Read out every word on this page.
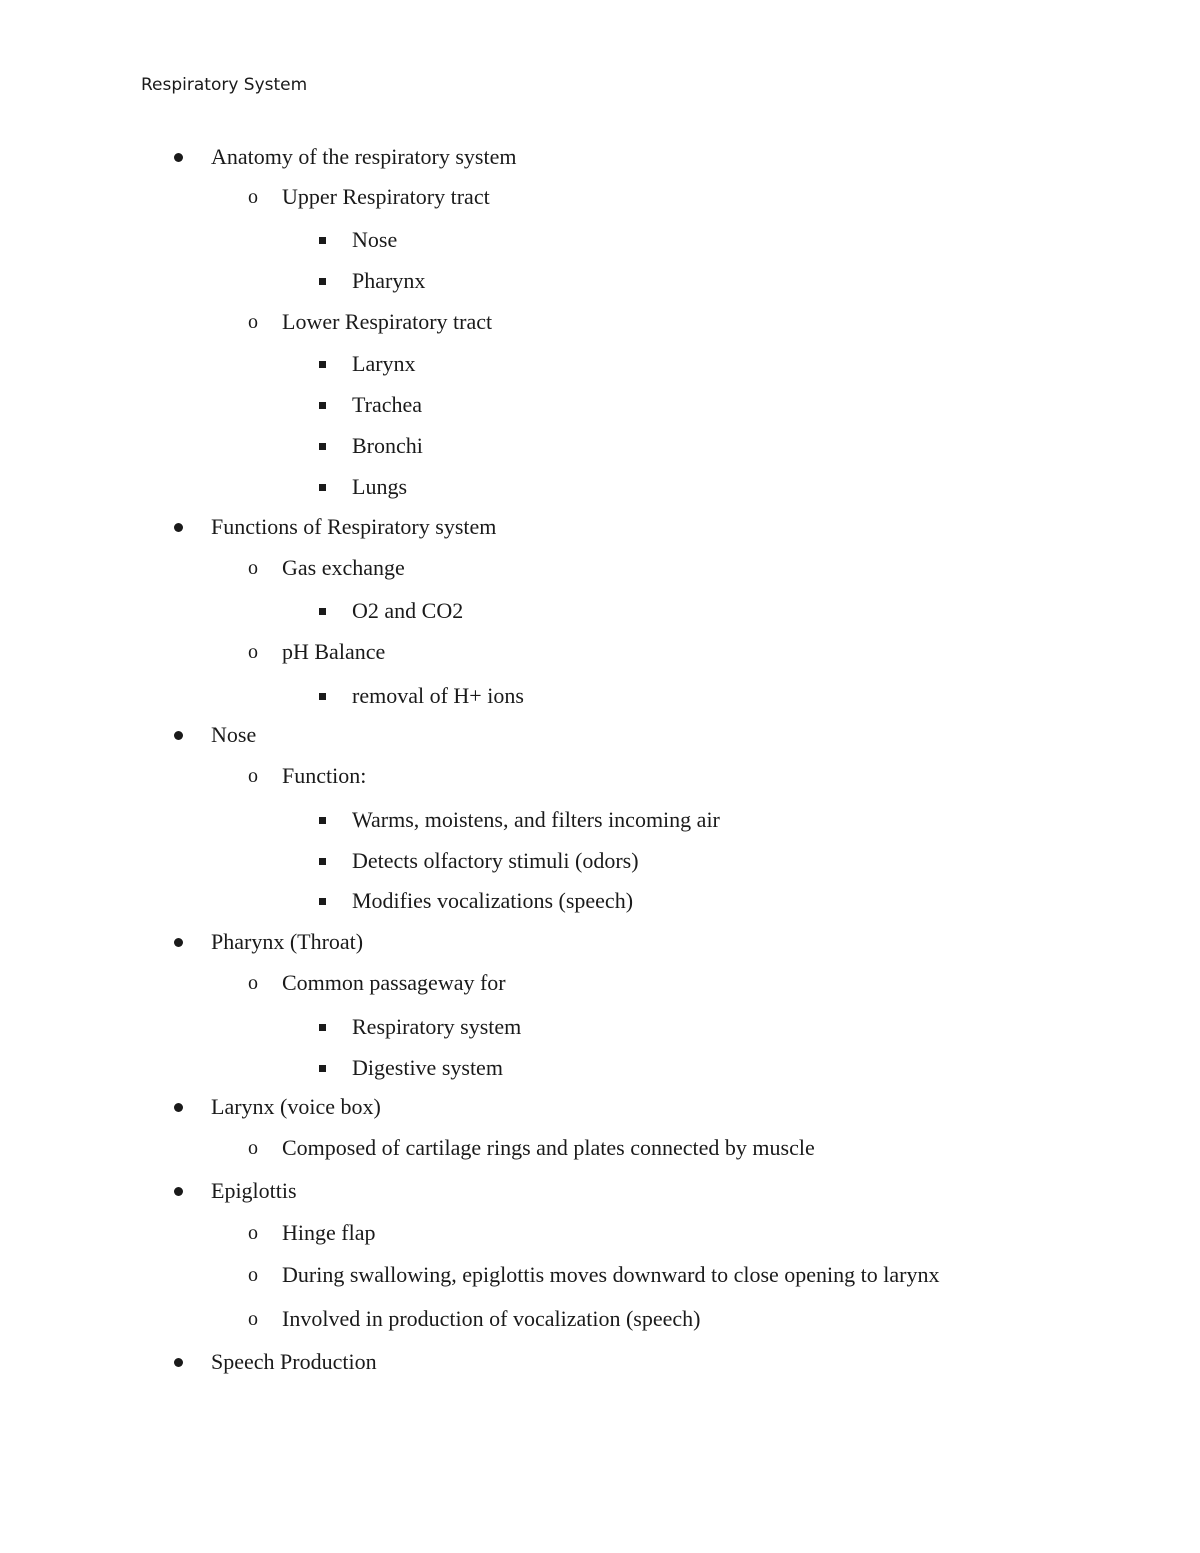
Respiratory System
Anatomy of the respiratory system
o Upper Respiratory tract
Nose
Pharynx
o Lower Respiratory tract
Larynx
Trachea
Bronchi
Lungs
Functions of Respiratory system
o Gas exchange
O2 and CO2
o pH Balance
removal of H+ ions
Nose
o Function:
Warms, moistens, and filters incoming air
Detects olfactory stimuli (odors)
Modifies vocalizations (speech)
Pharynx (Throat)
o Common passageway for
Respiratory system
Digestive system
Larynx (voice box)
o Composed of cartilage rings and plates connected by muscle
Epiglottis
o Hinge flap
o During swallowing, epiglottis moves downward to close opening to larynx
o Involved in production of vocalization (speech)
Speech Production
